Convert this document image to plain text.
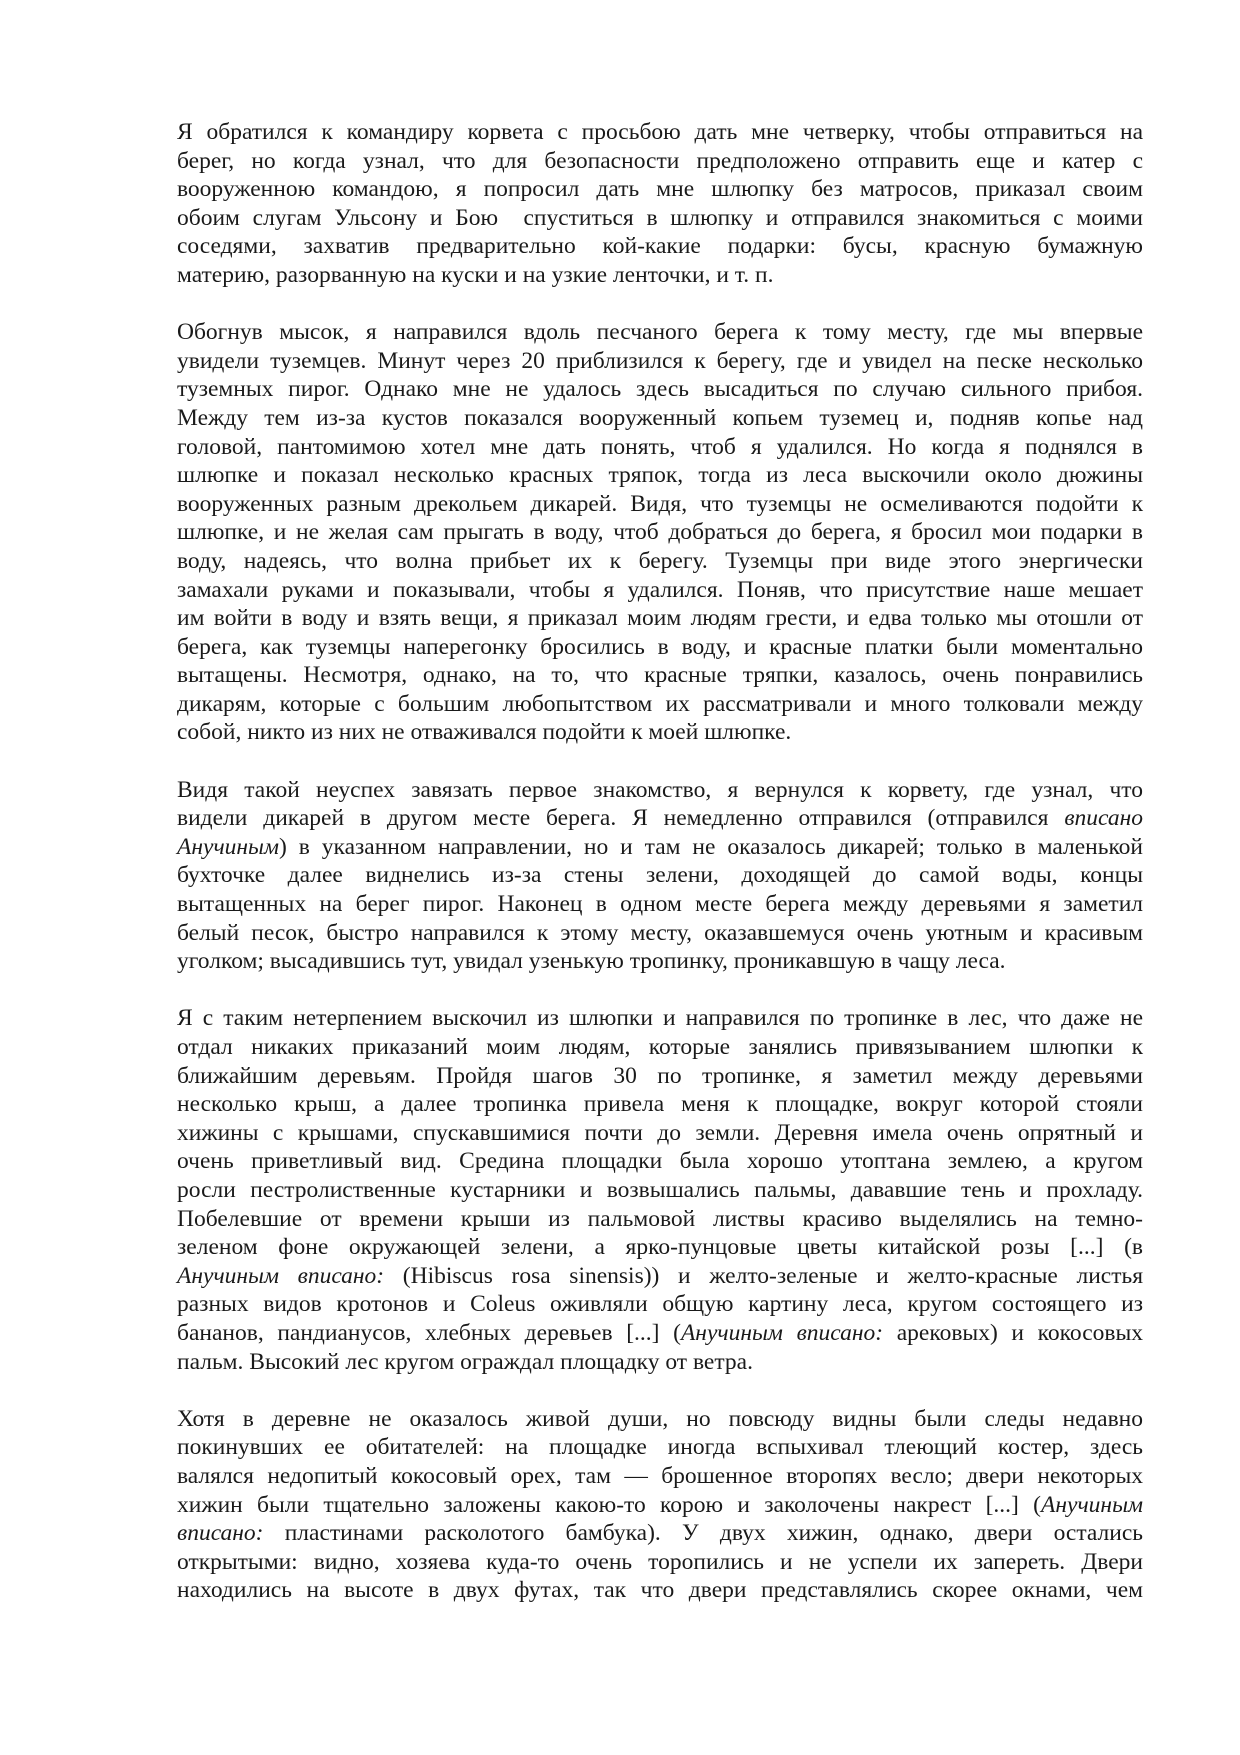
Я обратился к командиру корвета с просьбою дать мне четверку, чтобы отправиться на
берег, но когда узнал, что для безопасности предположено отправить еще и катер с
вооруженною командою, я попросил дать мне шлюпку без матросов, приказал своим
обоим слугам Ульсону и Бою  спуститься в шлюпку и отправился знакомиться с моими
соседями, захватив предварительно кой-какие подарки: бусы, красную бумажную
материю, разорванную на куски и на узкие ленточки, и т. п.
Обогнув мысок, я направился вдоль песчаного берега к тому месту, где мы впервые
увидели туземцев. Минут через 20 приблизился к берегу, где и увидел на песке несколько
туземных пирог. Однако мне не удалось здесь высадиться по случаю сильного прибоя.
Между тем из-за кустов показался вооруженный копьем туземец и, подняв копье над
головой, пантомимою хотел мне дать понять, чтоб я удалился. Но когда я поднялся в
шлюпке и показал несколько красных тряпок, тогда из леса выскочили около дюжины
вооруженных разным дрекольем дикарей. Видя, что туземцы не осмеливаются подойти к
шлюпке, и не желая сам прыгать в воду, чтоб добраться до берега, я бросил мои подарки в
воду, надеясь, что волна прибьет их к берегу. Туземцы при виде этого энергически
замахали руками и показывали, чтобы я удалился. Поняв, что присутствие наше мешает
им войти в воду и взять вещи, я приказал моим людям грести, и едва только мы отошли от
берега, как туземцы наперегонку бросились в воду, и красные платки были моментально
вытащены. Несмотря, однако, на то, что красные тряпки, казалось, очень понравились
дикарям, которые с большим любопытством их рассматривали и много толковали между
собой, никто из них не отваживался подойти к моей шлюпке.
Видя такой неуспех завязать первое знакомство, я вернулся к корвету, где узнал, что
видели дикарей в другом месте берега. Я немедленно отправился (отправился вписано
Анучиным) в указанном направлении, но и там не оказалось дикарей; только в маленькой
бухточке далее виднелись из-за стены зелени, доходящей до самой воды, концы
вытащенных на берег пирог. Наконец в одном месте берега между деревьями я заметил
белый песок, быстро направился к этому месту, оказавшемуся очень уютным и красивым
уголком; высадившись тут, увидал узенькую тропинку, проникавшую в чащу леса.
Я с таким нетерпением выскочил из шлюпки и направился по тропинке в лес, что даже не
отдал никаких приказаний моим людям, которые занялись привязыванием шлюпки к
ближайшим деревьям. Пройдя шагов 30 по тропинке, я заметил между деревьями
несколько крыш, а далее тропинка привела меня к площадке, вокруг которой стояли
хижины с крышами, спускавшимися почти до земли. Деревня имела очень опрятный и
очень приветливый вид. Средина площадки была хорошо утоптана землею, а кругом
росли пестролиственные кустарники и возвышались пальмы, дававшие тень и прохладу.
Побелевшие от времени крыши из пальмовой листвы красиво выделялись на темно-
зеленом фоне окружающей зелени, а ярко-пунцовые цветы китайской розы [...] (в
Анучиным вписано: (Hibiscus rosa sinensis)) и желто-зеленые и желто-красные листья
разных видов кротонов и Coleus оживляли общую картину леса, кругом состоящего из
бананов, пандианусов, хлебных деревьев [...] (Анучиным вписано: арековых) и кокосовых
пальм. Высокий лес кругом ограждал площадку от ветра.
Хотя в деревне не оказалось живой души, но повсюду видны были следы недавно
покинувших ее обитателей: на площадке иногда вспыхивал тлеющий костер, здесь
валялся недопитый кокосовый орех, там — брошенное второпях весло; двери некоторых
хижин были тщательно заложены какою-то корою и заколочены накрест [...] (Анучиным
вписано: пластинами расколотого бамбука). У двух хижин, однако, двери остались
открытыми: видно, хозяева куда-то очень торопились и не успели их запереть. Двери
находились на высоте в двух футах, так что двери представлялись скорее окнами, чем
